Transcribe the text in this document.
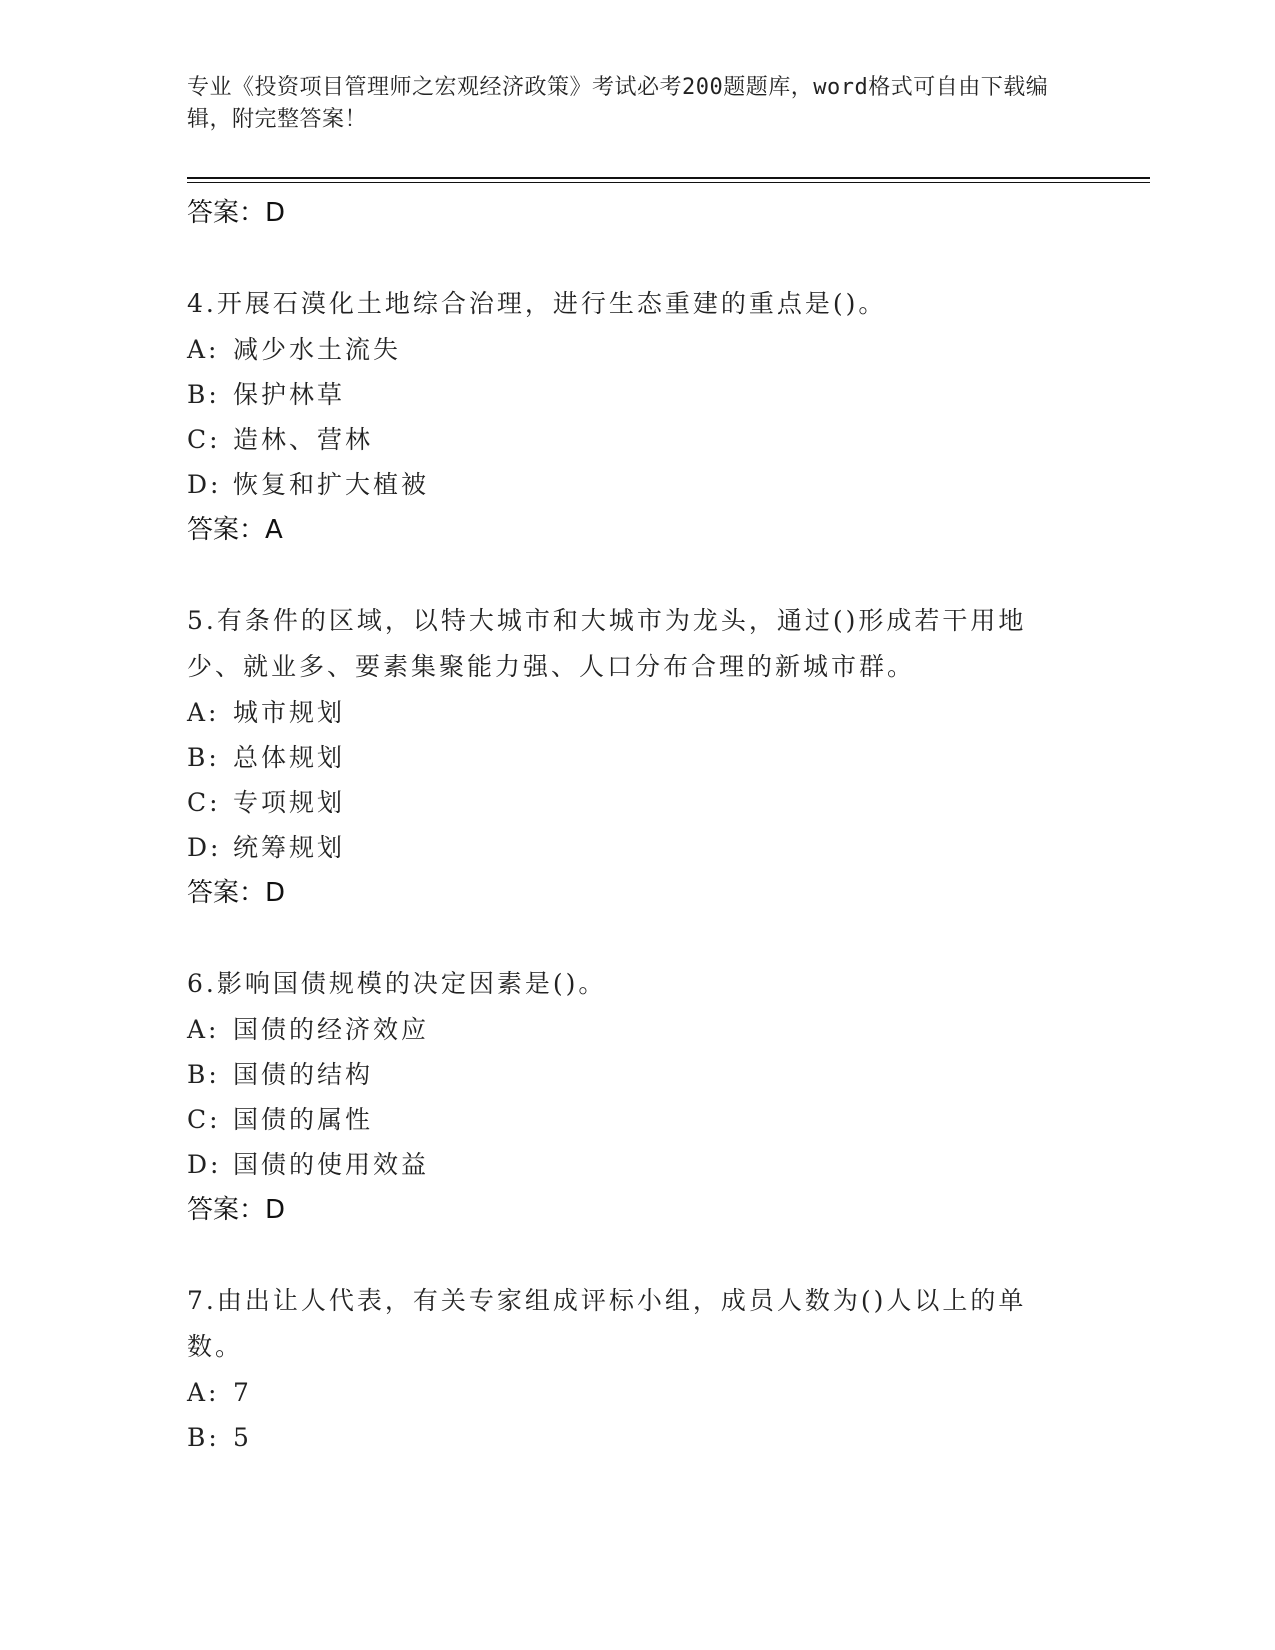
专业《投资项目管理师之宏观经济政策》考试必考200题题库，word格式可自由下载编辑，附完整答案！
答案：D
4.开展石漠化土地综合治理，进行生态重建的重点是()。
A: 减少水土流失
B: 保护林草
C: 造林、营林
D: 恢复和扩大植被
答案：A
5.有条件的区域，以特大城市和大城市为龙头，通过()形成若干用地少、就业多、要素集聚能力强、人口分布合理的新城市群。
A: 城市规划
B: 总体规划
C: 专项规划
D: 统筹规划
答案：D
6.影响国债规模的决定因素是()。
A: 国债的经济效应
B: 国债的结构
C: 国债的属性
D: 国债的使用效益
答案：D
7.由出让人代表，有关专家组成评标小组，成员人数为()人以上的单数。
A: 7
B: 5
